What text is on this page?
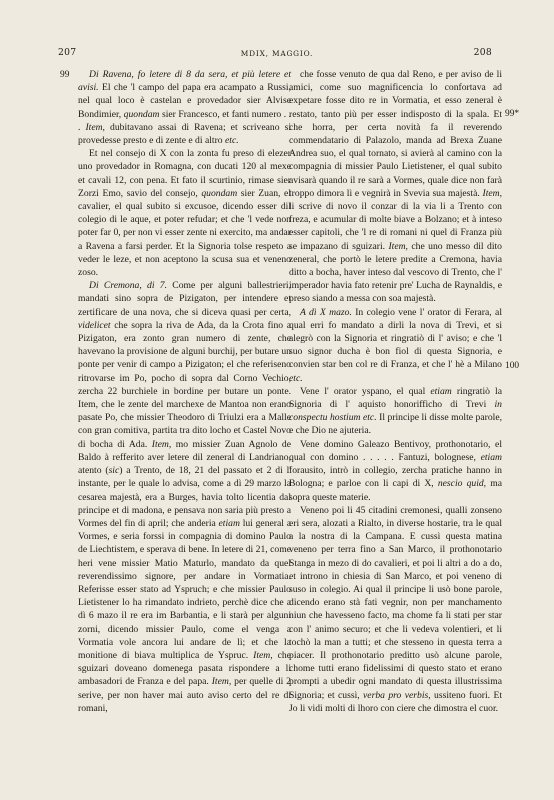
207	MDIX, MAGGIO.	208
99
99*
100

Di Ravena, fo letere di 8 da sera, et più letere et avisi. El che 'l campo del papa era acampato a Russi, nel qual loco è castelan e provedador sier Alvise Bondimier, quondam sier Francesco, et fanti numero . . . Item, dubitavano assai di Ravena; et scriveano si provedesse presto e di zente e di altro etc.

Et nel consejo di X con la zonta fu preso di elezer uno provedador in Romagna, con ducati 120 al mexe et cavali 12, con pena. Et fato il scurtinio, rimase sier Zorzi Emo, savio del consejo, quondam sier Zuan, el cavalier, el qual subito si excusoe, dicendo esser dil colegio di le aque, et poter refudar; et che 'l vede non poter far 0, per non vi esser zente ni exercito, ma andar a Ravena a farsi perder. Et la Signoria tolse respeto a veder le leze, et non aceptono la scusa sua et veneno zoso.

Di Cremona, di 7. Come per alguni ballestrieri, mandati sino sopra de Pizigaton, per intendere et zertificare de una nova, che si diceva quasi per certa, videlicet che sopra la riva de Ada, da la Crota fino a Pizigaton, era zonto gran numero di zente, che havevano la provisione de alguni burchij, per butare un ponte per venir di campo a Pizigaton; el che referiseno ritrovarse im Po, pocho di sopra dal Corno Vechio, zercha 22 burchiele in bordine per butare un ponte. Item, che le zente del marchexe de Mantoa non erano pasate Po, che missier Theodoro di Triulzi era a Malle con gran comitiva, partita tra dito locho et Castel Novo di bocha di Ada. Item, mo missier Zuan Agnolo de Baldo à refferito aver letere dil zeneral di Landriano, atento (sic) a Trento, de 18, 21 del passato et 2 di l' instante, per le quale lo advisa, come a dì 29 marzo la cesarea majestà, era a Burges, havia tolto licentia dal principe et di madona, e pensava non saria più presto a Vormes del fin di april; che anderia etiam lui general a Vormes, e seria forssi in compagnia di domino Paulo de Liechtistem, e sperava di bene. In letere di 21, come heri vene missier Matio Maturlo, mandato da quel reverendissimo signore, per andare in Vormatia. Referisse esser stato ad Yspruch; e che missier Paulo Lietistener lo ha rimandato indrieto, perchè dice che a dì 6 mazo il re era im Barbantia, e li starà per alguni zorni, dicendo missier Paulo, come el venga a Vormatia vole ancora lui andare de lì; et che la monitione di biava multiplica de Yspruc. Item, che sguizari doveano domenega pasata rispondere a li ambasadori de Franza e del papa. Item, per quelle di 2 serive, per non haver mai auto aviso certo del re di romani,

che fosse venuto de qua dal Reno, e per aviso de li amici, come suo magnificencia lo confortava ad expetare fosse dito re in Vormatia, et esso zeneral è restato, tanto più per esser indisposto di la spala. Et che horra, per certa novità fa il reverendo commendatario di Palazolo, manda ad Brexa Zuane Andrea suo, el qual tornato, si avierà al camino con la compagnia di missier Paulo Lietistener, el qual subito avisarà quando il re sarà a Vormes, quale dice non farà troppo dimora lì e vegnirà in Svevia sua majestà. Item, li scrive di novo il conzar di la via li a Trento con freza, e acumular di molte biave a Bolzano; et à inteso esser capitoli, che 'l re di romani ni quel di Franza più se impazano di sguizari. Item, che uno messo dil dito zeneral, che portò le letere predite a Cremona, havia ditto a bocha, haver inteso dal vescovo di Trento, che l' imperador havia fato retenir pre' Lucha de Raynaldis, e preso siando a messa con soa majestà.

A dì X mazo. In colegio vene l' orator di Ferara, al qual erri fo mandato a dirli la nova di Trevi, et si alegrò con la Signoria et ringratiò di l' aviso; e che 'l suo signor ducha è bon fiol di questa Signoria, e convien star ben col re di Franza, et che l' hè a Milano etc.

Vene l' orator yspano, el qual etiam ringratiò la Signoria di l' aquisto honorifficho di Trevi in conspectu hostium etc. Il principe li disse molte parole, e che Dio ne ajuteria.

Vene domino Galeazo Bentivoy, prothonotario, el qual con domino . . . . . Fantuzi, bolognese, etiam forausito, intrò in collegio, zercha pratiche hanno in Bologna; e parloe con li capi di X, nescio quid, ma sopra queste materie.

Veneno poi li 45 citadini cremonesi, qualli zonseno eri sera, alozati a Rialto, in diverse hostarie, tra le qual a la nostra di la Campana. E cussì questa matina veneno per terra fino a San Marco, il prothonotario Stanga in mezo di do cavalieri, et poi li altri a do a do, et introno in chiesia di San Marco, et poi veneno di suso in colegio. Ai qual il principe li usò bone parole, dicendo erano stà fati vegnir, non per manchamento niun che havesseno facto, ma chome fa li stati per star con l' animo securo; et che li vedeva volentieri, et li tochò la man a tutti; et che stesseno in questa terra a piacer. Il prothonotario preditto usò alcune parole, chome tutti erano fidelissimi di questo stato et erano prompti a ubedir ogni mandato di questa illustrissima Signoria; et cussì, verba pro verbis, ussiteno fuori. Et Jo li vidi molti di lhoro con ciere che dimostra el cuor.
